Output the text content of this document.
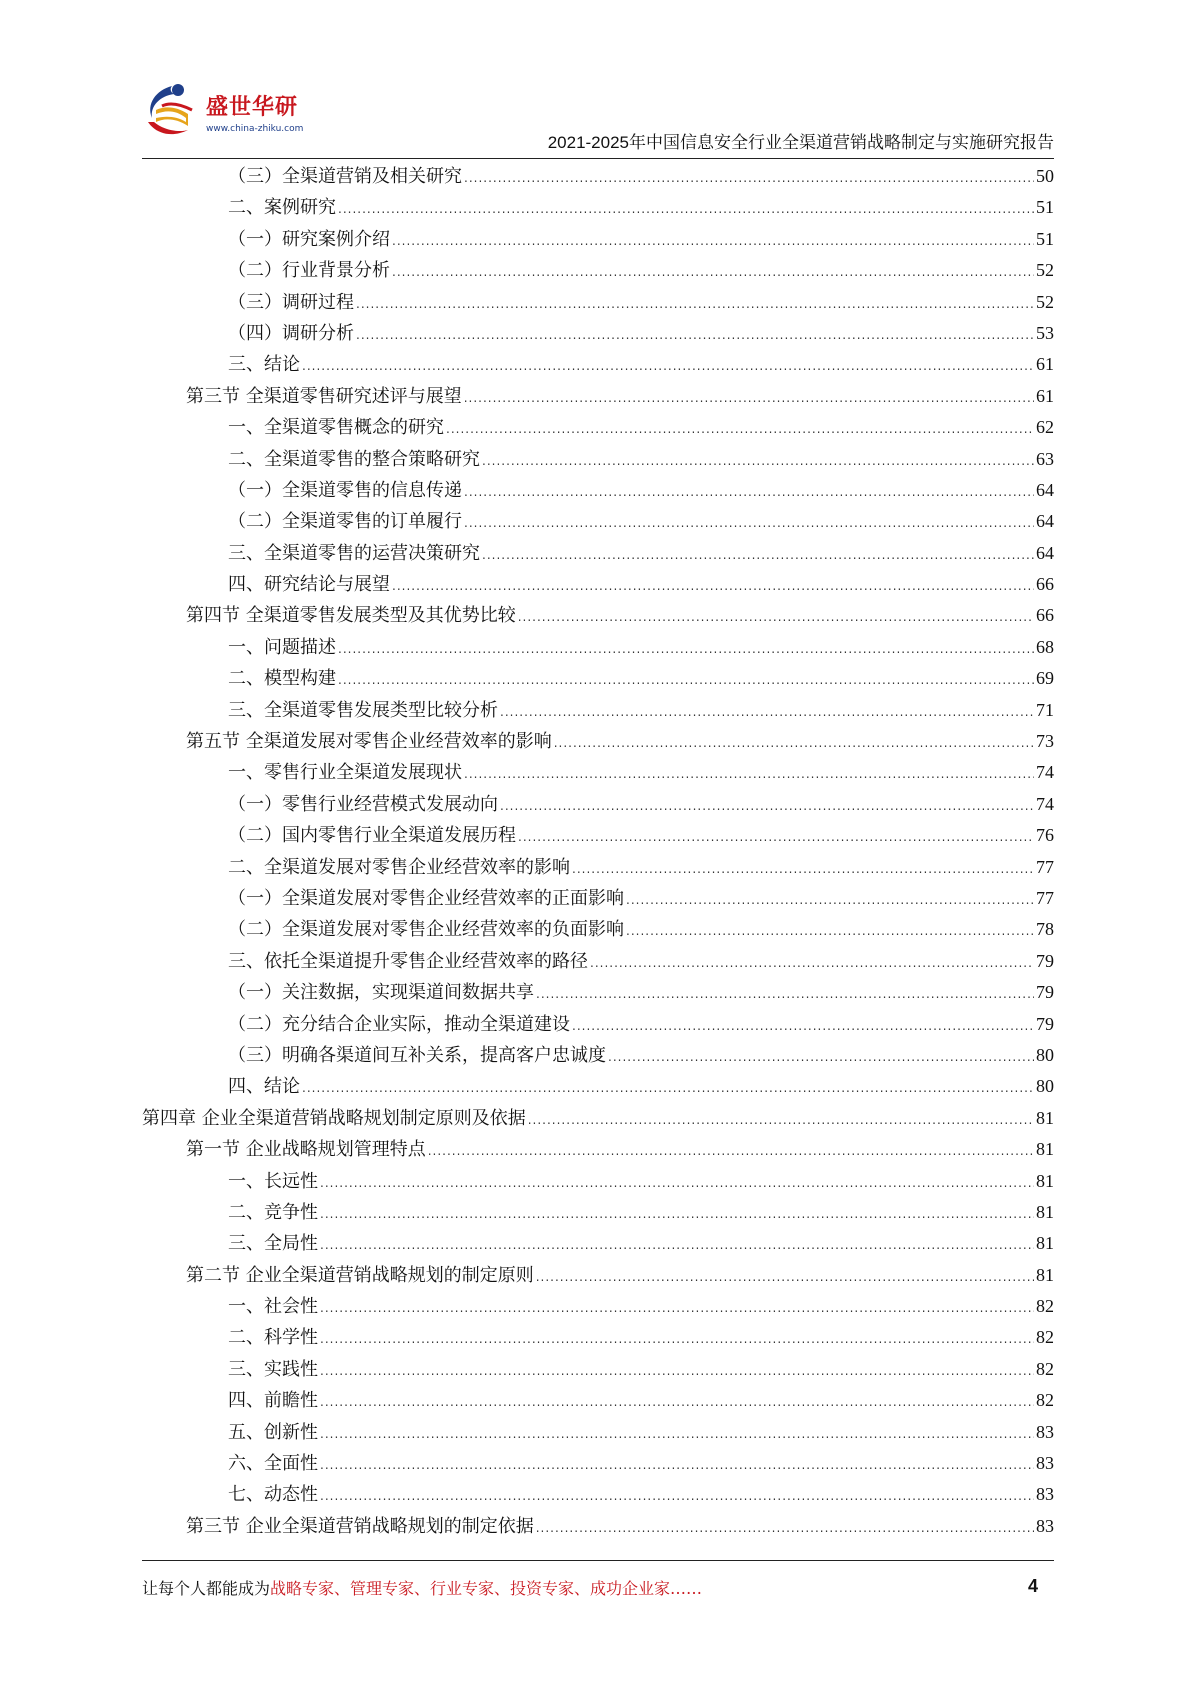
盛世华研
www.china-zhiku.com
2021-2025年中国信息安全行业全渠道营销战略制定与实施研究报告
（三）全渠道营销及相关研究 .....	50
二、案例研究 .....	51
（一）研究案例介绍 .....	51
（二）行业背景分析 .....	52
（三）调研过程 .....	52
（四）调研分析 .....	53
三、结论 .....	61
第三节 全渠道零售研究述评与展望 .....	61
一、全渠道零售概念的研究 .....	62
二、全渠道零售的整合策略研究 .....	63
（一）全渠道零售的信息传递 .....	64
（二）全渠道零售的订单履行 .....	64
三、全渠道零售的运营决策研究 .....	64
四、研究结论与展望 .....	66
第四节 全渠道零售发展类型及其优势比较 .....	66
一、问题描述 .....	68
二、模型构建 .....	69
三、全渠道零售发展类型比较分析 .....	71
第五节 全渠道发展对零售企业经营效率的影响 .....	73
一、零售行业全渠道发展现状 .....	74
（一）零售行业经营模式发展动向 .....	74
（二）国内零售行业全渠道发展历程 .....	76
二、全渠道发展对零售企业经营效率的影响 .....	77
（一）全渠道发展对零售企业经营效率的正面影响 .....	77
（二）全渠道发展对零售企业经营效率的负面影响 .....	78
三、依托全渠道提升零售企业经营效率的路径 .....	79
（一）关注数据，实现渠道间数据共享 .....	79
（二）充分结合企业实际，推动全渠道建设 .....	79
（三）明确各渠道间互补关系，提高客户忠诚度 .....	80
四、结论 .....	80
第四章 企业全渠道营销战略规划制定原则及依据 .....	81
第一节 企业战略规划管理特点 .....	81
一、长远性 .....	81
二、竞争性 .....	81
三、全局性 .....	81
第二节 企业全渠道营销战略规划的制定原则 .....	81
一、社会性 .....	82
二、科学性 .....	82
三、实践性 .....	82
四、前瞻性 .....	82
五、创新性 .....	83
六、全面性 .....	83
七、动态性 .....	83
第三节 企业全渠道营销战略规划的制定依据 .....	83
让每个人都能成为战略专家、管理专家、行业专家、投资专家、成功企业家……	4
